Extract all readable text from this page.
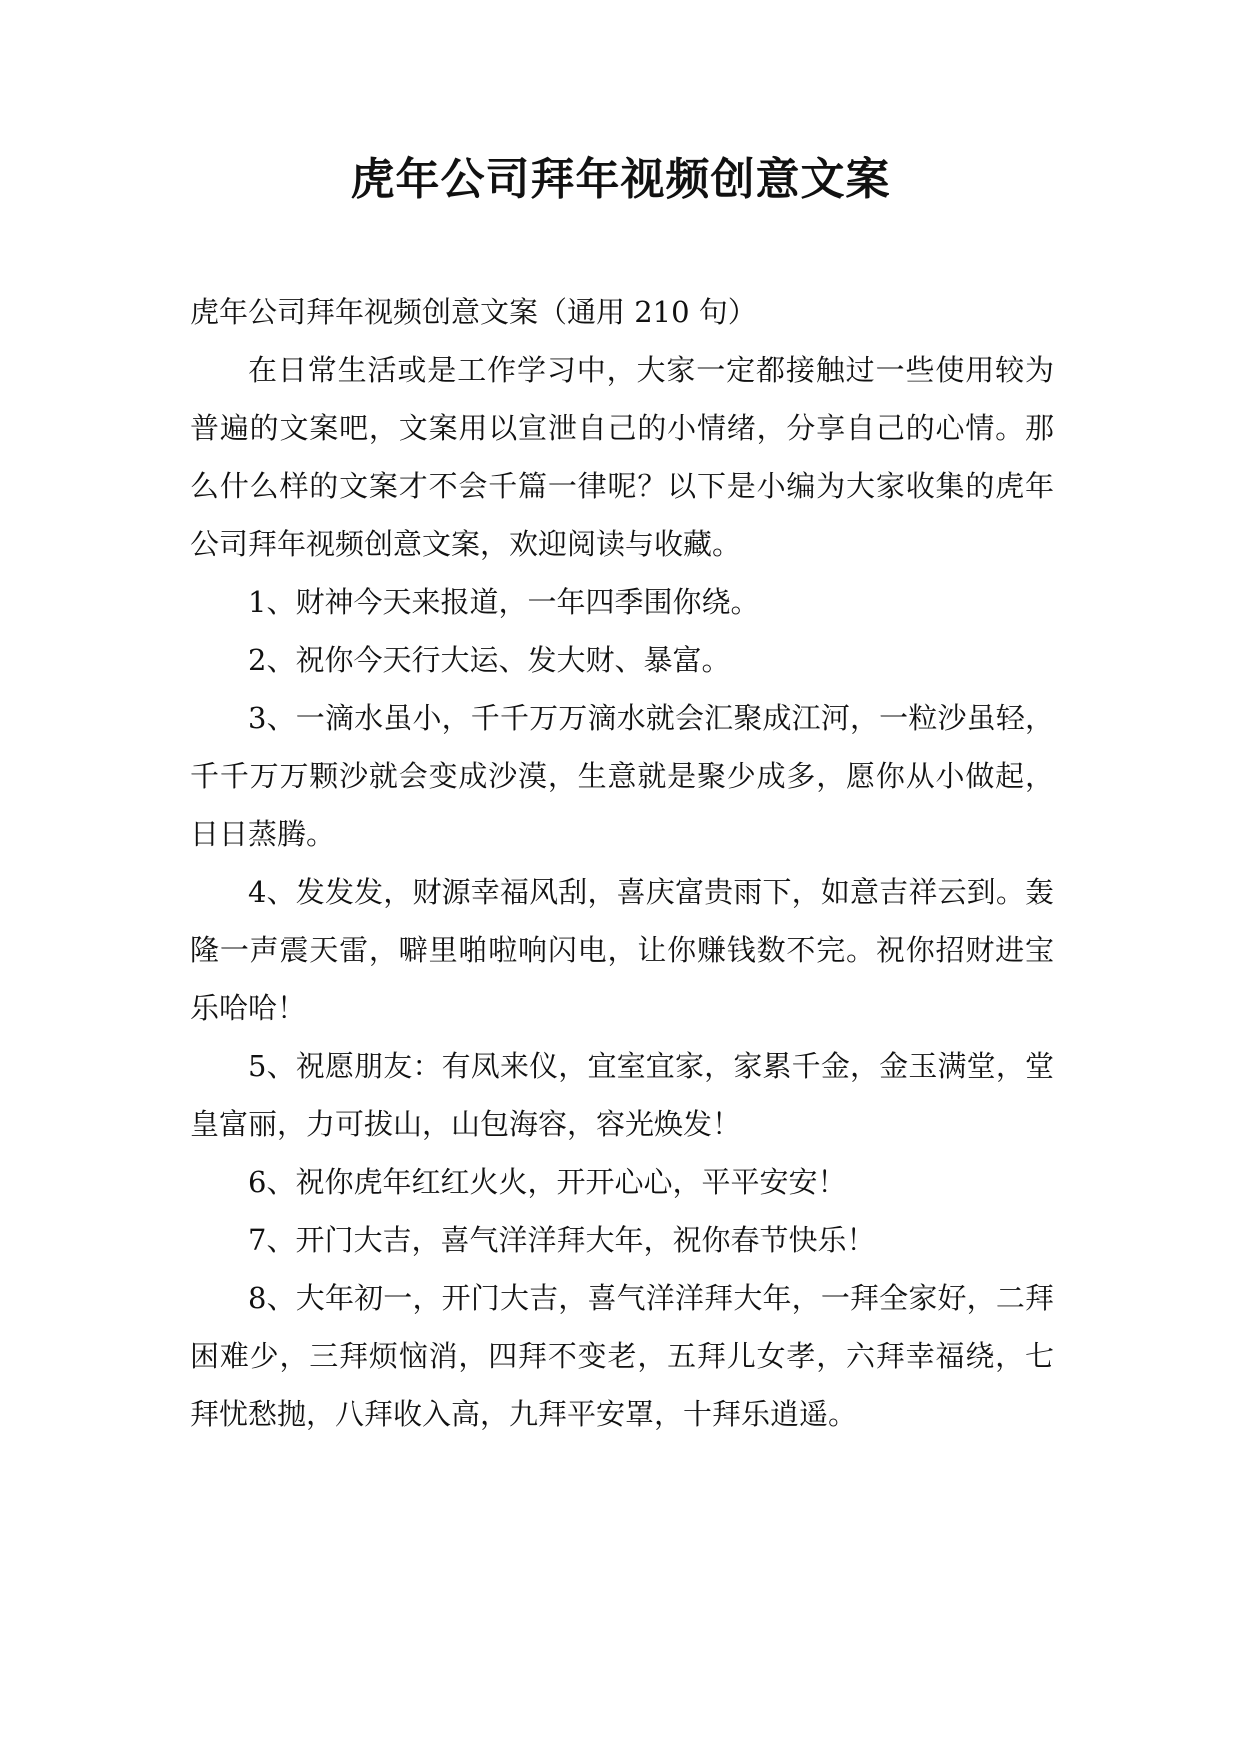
虎年公司拜年视频创意文案

虎年公司拜年视频创意文案（通用 210 句）

在日常生活或是工作学习中，大家一定都接触过一些使用较为普遍的文案吧，文案用以宣泄自己的小情绪，分享自己的心情。那么什么样的文案才不会千篇一律呢？以下是小编为大家收集的虎年公司拜年视频创意文案，欢迎阅读与收藏。

1、财神今天来报道，一年四季围你绕。

2、祝你今天行大运、发大财、暴富。

3、一滴水虽小，千千万万滴水就会汇聚成江河，一粒沙虽轻，千千万万颗沙就会变成沙漠，生意就是聚少成多，愿你从小做起，日日蒸腾。

4、发发发，财源幸福风刮，喜庆富贵雨下，如意吉祥云到。轰隆一声震天雷，噼里啪啦响闪电，让你赚钱数不完。祝你招财进宝乐哈哈！

5、祝愿朋友：有凤来仪，宜室宜家，家累千金，金玉满堂，堂皇富丽，力可拔山，山包海容，容光焕发！

6、祝你虎年红红火火，开开心心，平平安安！

7、开门大吉，喜气洋洋拜大年，祝你春节快乐！

8、大年初一，开门大吉，喜气洋洋拜大年，一拜全家好，二拜困难少，三拜烦恼消，四拜不变老，五拜儿女孝，六拜幸福绕，七拜忧愁抛，八拜收入高，九拜平安罩，十拜乐逍遥。
